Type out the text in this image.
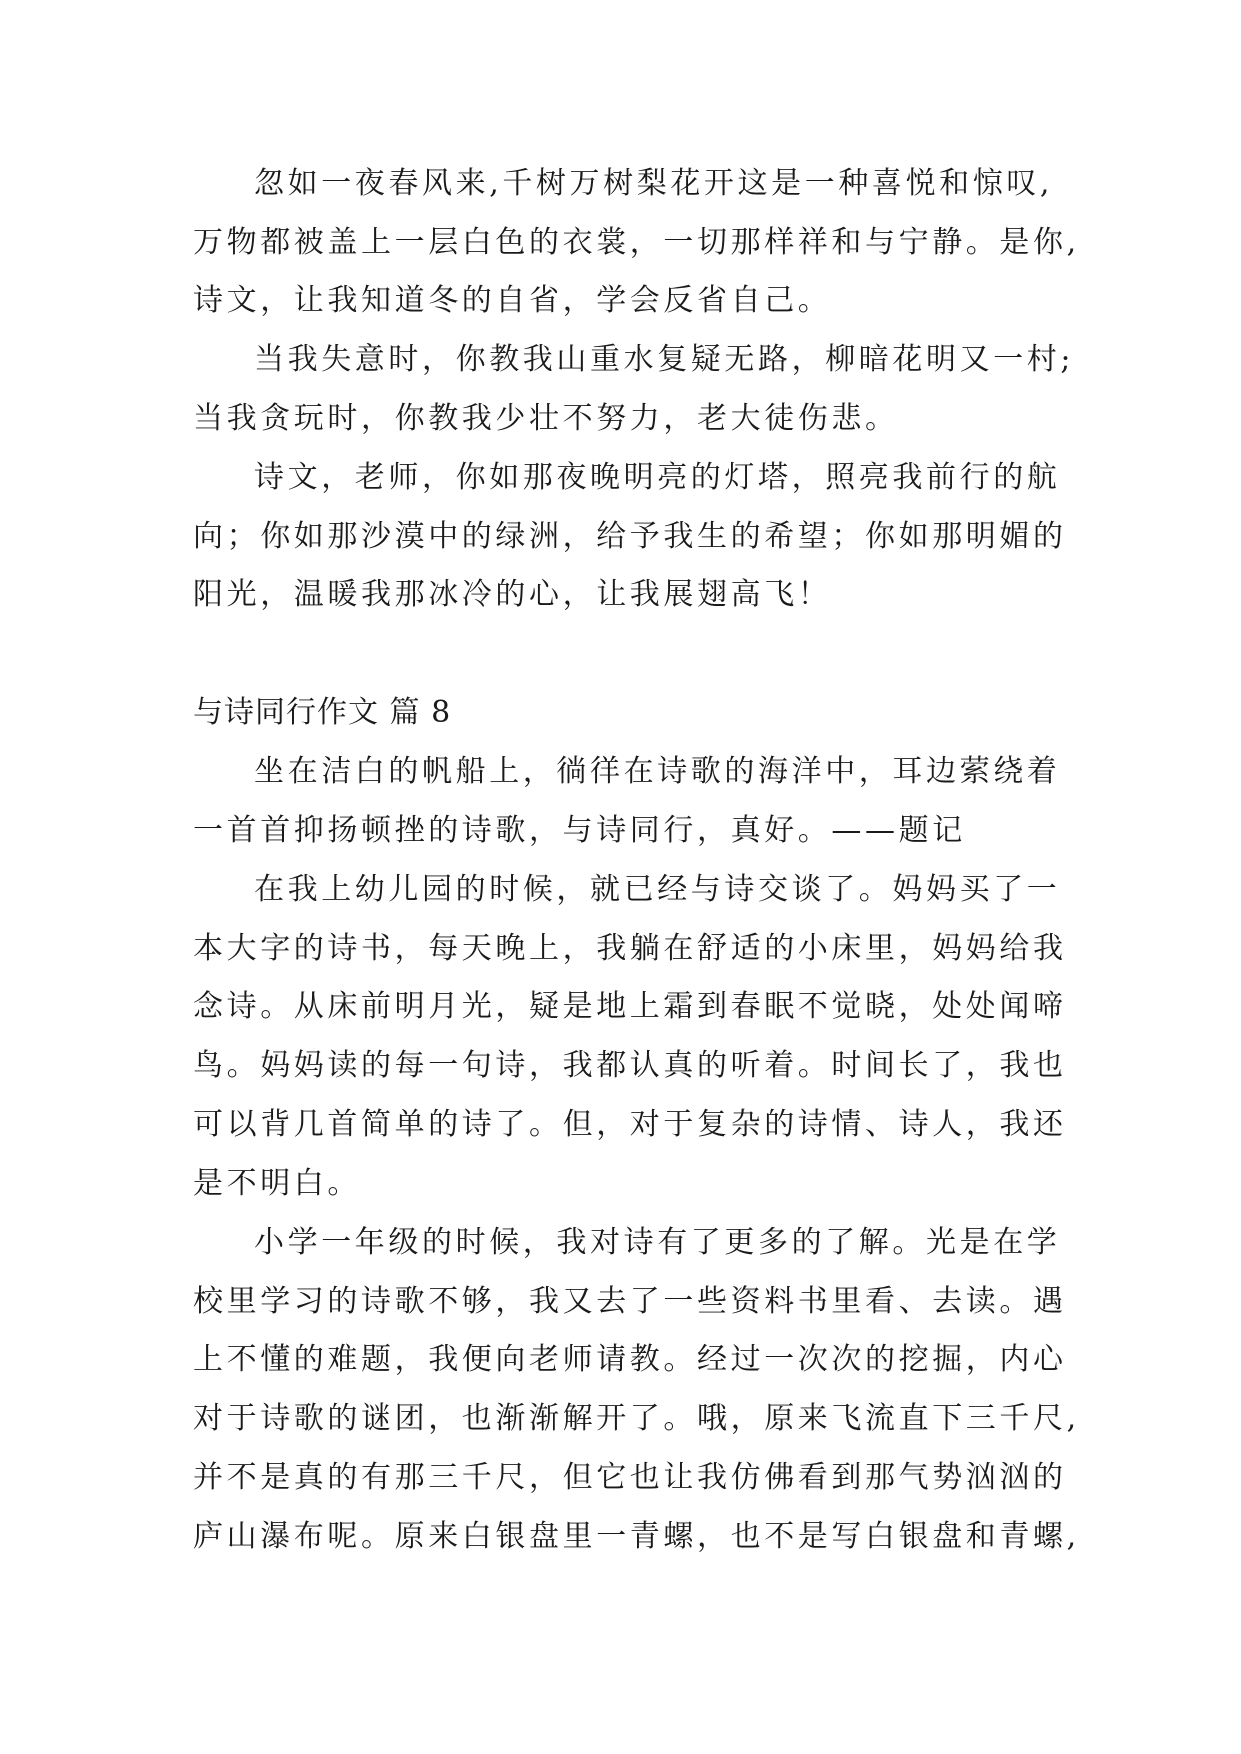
忽如一夜春风来,千树万树梨花开这是一种喜悦和惊叹,
万物都被盖上一层白色的衣裳，一切那样祥和与宁静。是你,
诗文，让我知道冬的自省，学会反省自己。
当我失意时，你教我山重水复疑无路，柳暗花明又一村;
当我贪玩时，你教我少壮不努力，老大徒伤悲。
诗文，老师，你如那夜晚明亮的灯塔，照亮我前行的航
向；你如那沙漠中的绿洲，给予我生的希望；你如那明媚的
阳光，温暖我那冰冷的心，让我展翅高飞！
与诗同行作文 篇 8
坐在洁白的帆船上，徜徉在诗歌的海洋中，耳边萦绕着
一首首抑扬顿挫的诗歌，与诗同行，真好。——题记
在我上幼儿园的时候，就已经与诗交谈了。妈妈买了一
本大字的诗书，每天晚上，我躺在舒适的小床里，妈妈给我
念诗。从床前明月光，疑是地上霜到春眠不觉晓，处处闻啼
鸟。妈妈读的每一句诗，我都认真的听着。时间长了，我也
可以背几首简单的诗了。但，对于复杂的诗情、诗人，我还
是不明白。
小学一年级的时候，我对诗有了更多的了解。光是在学
校里学习的诗歌不够，我又去了一些资料书里看、去读。遇
上不懂的难题，我便向老师请教。经过一次次的挖掘，内心
对于诗歌的谜团，也渐渐解开了。哦，原来飞流直下三千尺,
并不是真的有那三千尺，但它也让我仿佛看到那气势汹汹的
庐山瀑布呢。原来白银盘里一青螺，也不是写白银盘和青螺,
